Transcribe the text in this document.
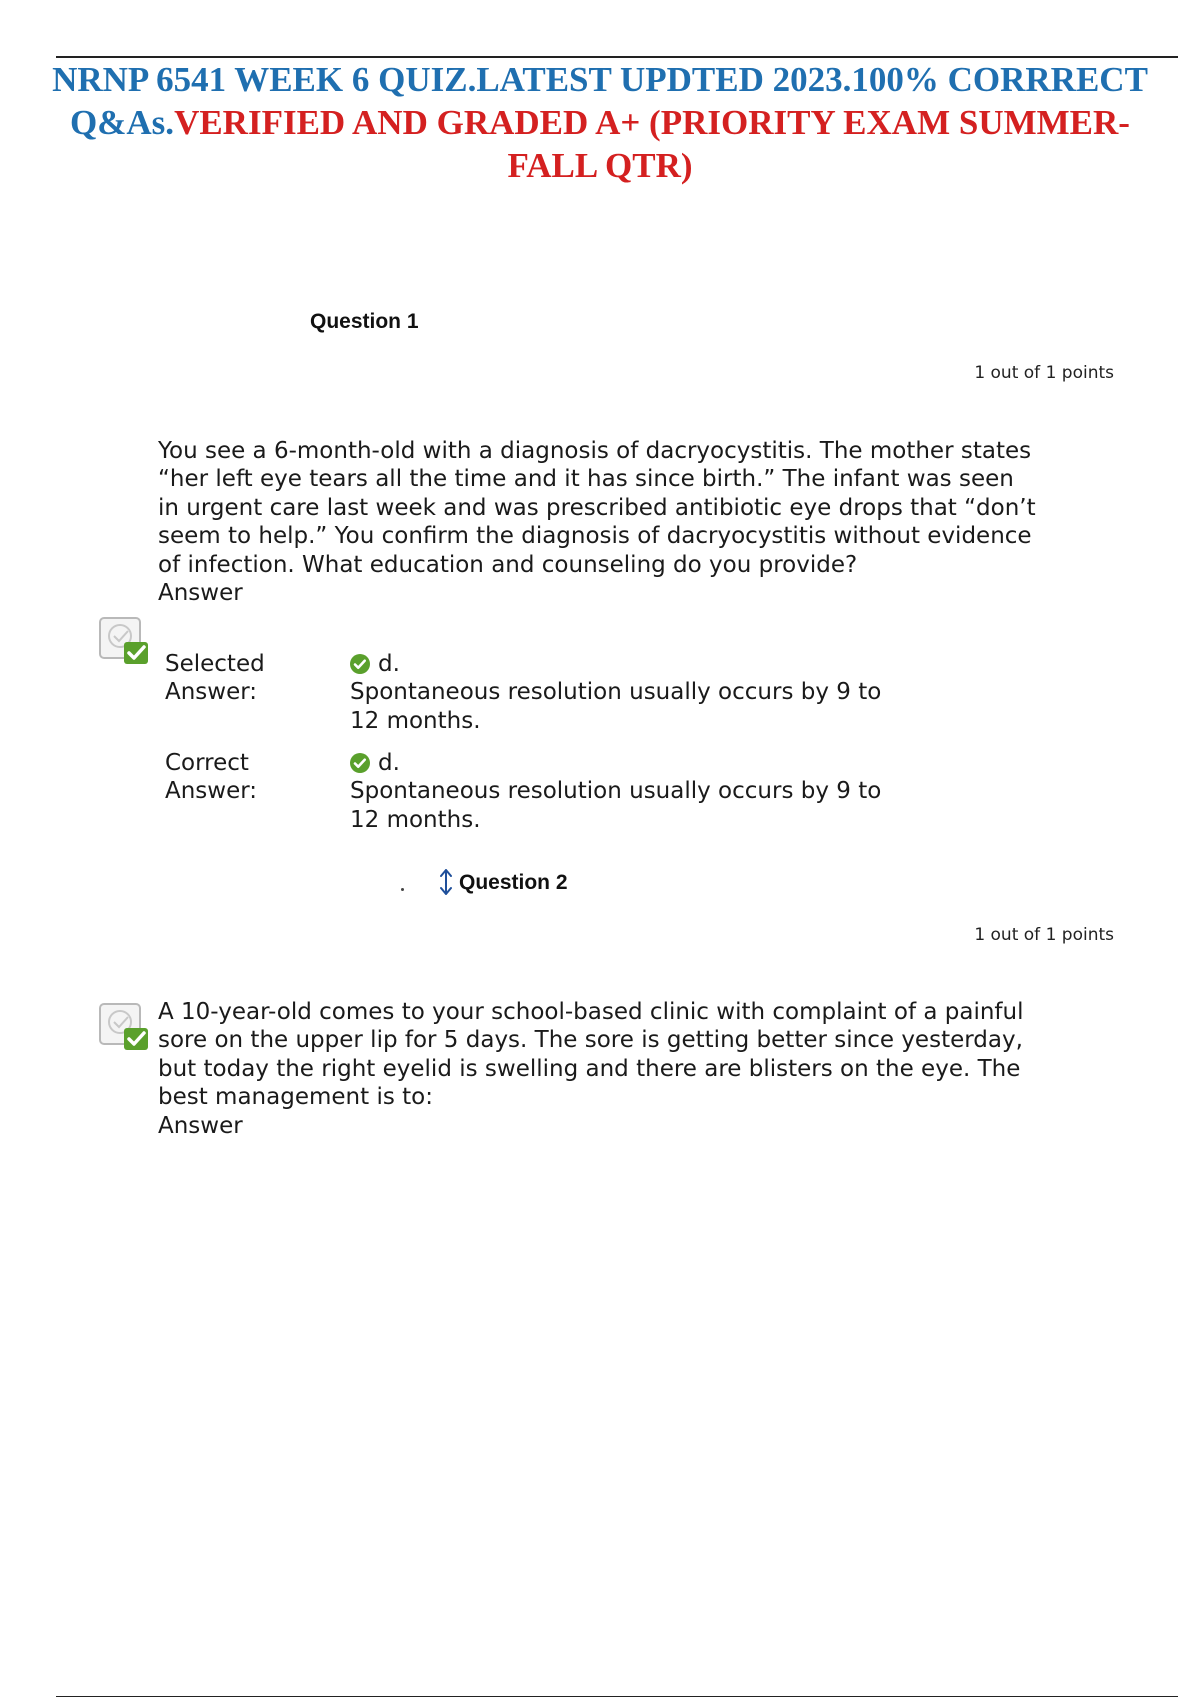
NRNP 6541 WEEK 6 QUIZ.LATEST UPDTED 2023.100% CORRRECT Q&As.VERIFIED AND GRADED A+ (PRIORITY EXAM SUMMER-FALL QTR)
Question 1
1 out of 1 points
You see a 6-month-old with a diagnosis of dacryocystitis. The mother states “her left eye tears all the time and it has since birth.” The infant was seen in urgent care last week and was prescribed antibiotic eye drops that “don’t seem to help.” You confirm the diagnosis of dacryocystitis without evidence of infection. What education and counseling do you provide?
Answer
Selected
Answer:
d.
Spontaneous resolution usually occurs by 9 to 12 months.
Correct
Answer:
d.
Spontaneous resolution usually occurs by 9 to 12 months.
Question 2
1 out of 1 points
A 10-year-old comes to your school-based clinic with complaint of a painful sore on the upper lip for 5 days. The sore is getting better since yesterday, but today the right eyelid is swelling and there are blisters on the eye. The best management is to:
Answer
